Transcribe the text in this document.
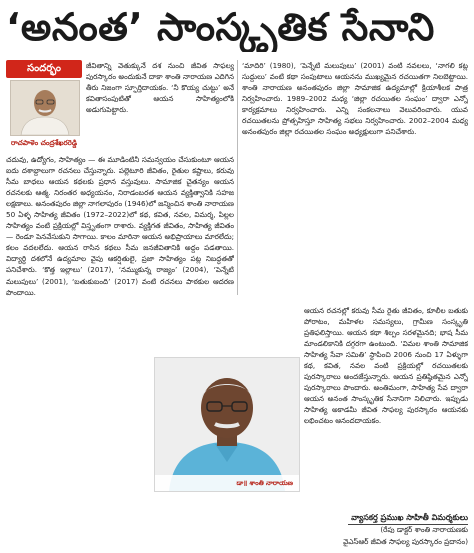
‘అనంత’ సాంస్కృతిక సేనాని
సందర్భం
రాచపాళెం చంద్రశేఖరరెడ్డి

జీవితాన్ని వెతుక్కునే దశ నుంచి జీవిత సాఫల్య పురస్కారం అందుకునే దాకా శాంతి నారాయణ ఎదిగిన తీరు నిజంగా స్ఫూర్తిదాయకం. ‘నీ కొయ్య చుట్టు’ అనే కవితాసంపుటితో ఆయన సాహిత్యంలోకి అడుగుపెట్టారు.

చదువు, ఉద్యోగం, సాహిత్యం — ఈ మూడింటినీ సమన్వయం చేసుకుంటూ ఆయన ఐదు దశాబ్దాలుగా రచనలు చేస్తున్నారు. పల్లెటూరి జీవితం, రైతుల కష్టాలు, కరువు సీమ బాధలు ఆయన కథలకు ప్రధాన వస్తువులు. సామాజిక చైతన్యం ఆయన రచనలకు ఆత్మ. నిరంతర అధ్యయనం, నిరాడంబరత ఆయన వ్యక్తిత్వానికి సహజ లక్షణాలు. అనంతపురం జిల్లా నాగలాపురం (1946)లో జన్మించిన శాంతి నారాయణ 50 ఏళ్ళ సాహిత్య జీవితం (1972–2022)లో కథ, కవిత, నవల, విమర్శ, పిల్లల సాహిత్యం వంటి ప్రక్రియల్లో విస్తృతంగా రాశారు. వ్యక్తిగత జీవితం, సాహిత్య జీవితం — రెండూ పెనవేసుకుని సాగాయి. కాలం మారినా ఆయన అభిప్రాయాలు మారలేదు; కలం వదలలేదు. ఆయన రాసిన కథలు సీమ జనజీవితానికి అద్దం పడతాయి. విద్యార్థి దశలోనే ఉద్యమాల వైపు ఆకర్షితులై, ప్రజా సాహిత్యం పట్ల నిబద్ధతతో పనిచేశారు. ‘కొత్త ఇల్లాలు’ (2017), ‘నమ్ముకున్న రాజ్యం’ (2004), ‘పెన్నేటి మలుపులు’ (2001), ‘బతుకుబంది’ (2017) వంటి రచనలు పాఠకుల ఆదరణ పొందాయి.

‘మాదిరి’ (1980), ‘పెన్నేటి మలుపులు’ (2001) వంటి నవలలు, ‘నాగలి కట్ల సుద్దులు’ వంటి కథా సంపుటాలు ఆయనను ముఖ్యమైన రచయితగా నిలబెట్టాయి. శాంతి నారాయణ అనంతపురం జిల్లా సామాజిక ఉద్యమాల్లో క్రియాశీలక పాత్ర నిర్వహించారు. 1989–2002 మధ్య ‘జిల్లా రచయితల సంఘం’ ద్వారా ఎన్నో కార్యక్రమాలు నిర్వహించారు. ఎన్ని సంకలనాలు వెలువరించారు. యువ రచయితలను ప్రోత్సహిస్తూ సాహిత్య సభలు నిర్వహించారు. 2002–2004 మధ్య అనంతపురం జిల్లా రచయితల సంఘం అధ్యక్షులుగా పనిచేశారు.

ఆయన రచనల్లో కరువు సీమ రైతు జీవితం, కూలీల బతుకు పోరాటం, మహిళల సమస్యలు, గ్రామీణ సంస్కృతి ప్రతిఫలిస్తాయి. ఆయన కథా శిల్పం సరళమైనది; భాష సీమ మాండలికానికి దగ్గరగా ఉంటుంది. ‘విమల శాంతి సామాజిక సాహిత్య సేవా సమితి’ స్థాపించి 2006 నుంచి 17 ఏళ్ళుగా కథ, కవిత, నవల వంటి ప్రక్రియల్లో రచయితలకు పురస్కారాలు అందజేస్తున్నారు. ఆయన ప్రతిష్ఠితమైన ఎన్నో పురస్కారాలు పొందారు. అంతిమంగా, సాహిత్య సేవ ద్వారా ఆయన అనంత సాంస్కృతిక సేనానిగా నిలిచారు. ఇప్పుడు సాహిత్య అకాడమీ జీవిత సాఫల్య పురస్కారం ఆయనకు లభించటం ఆనందదాయకం.

వ్యాసకర్త ప్రముఖ సాహితీ విమర్శకులు
(రేపు డాక్టర్ శాంతి నారాయణకు
వైఎస్ఆర్ జీవిత సాఫల్య పురస్కారం ప్రదానం)
డా॥ శాంతి నారాయణ
